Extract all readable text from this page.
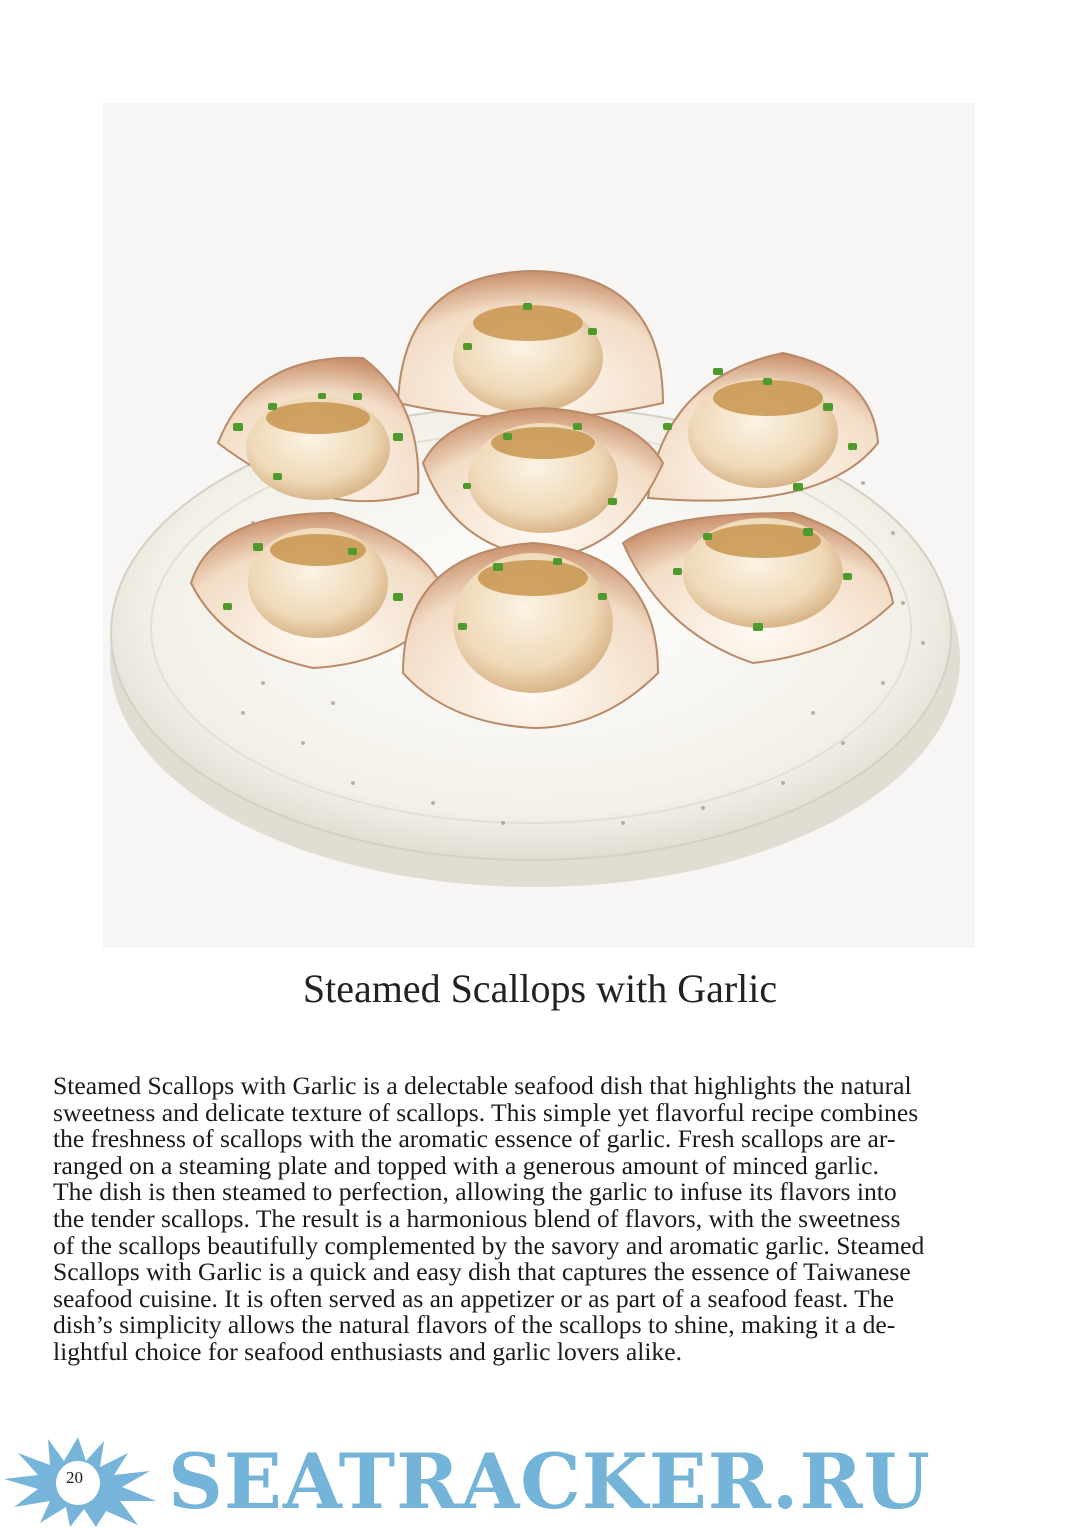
Steamed Scallops with Garlic
Steamed Scallops with Garlic is a delectable seafood dish that highlights the natural
sweetness and delicate texture of scallops. This simple yet flavorful recipe combines
the freshness of scallops with the aromatic essence of garlic. Fresh scallops are ar-
ranged on a steaming plate and topped with a generous amount of minced garlic.
The dish is then steamed to perfection, allowing the garlic to infuse its flavors into
the tender scallops. The result is a harmonious blend of flavors, with the sweetness
of the scallops beautifully complemented by the savory and aromatic garlic. Steamed
Scallops with Garlic is a quick and easy dish that captures the essence of Taiwanese
seafood cuisine. It is often served as an appetizer or as part of a seafood feast. The
dish’s simplicity allows the natural flavors of the scallops to shine, making it a de-
lightful choice for seafood enthusiasts and garlic lovers alike.
20 SEATRACKER.RU
